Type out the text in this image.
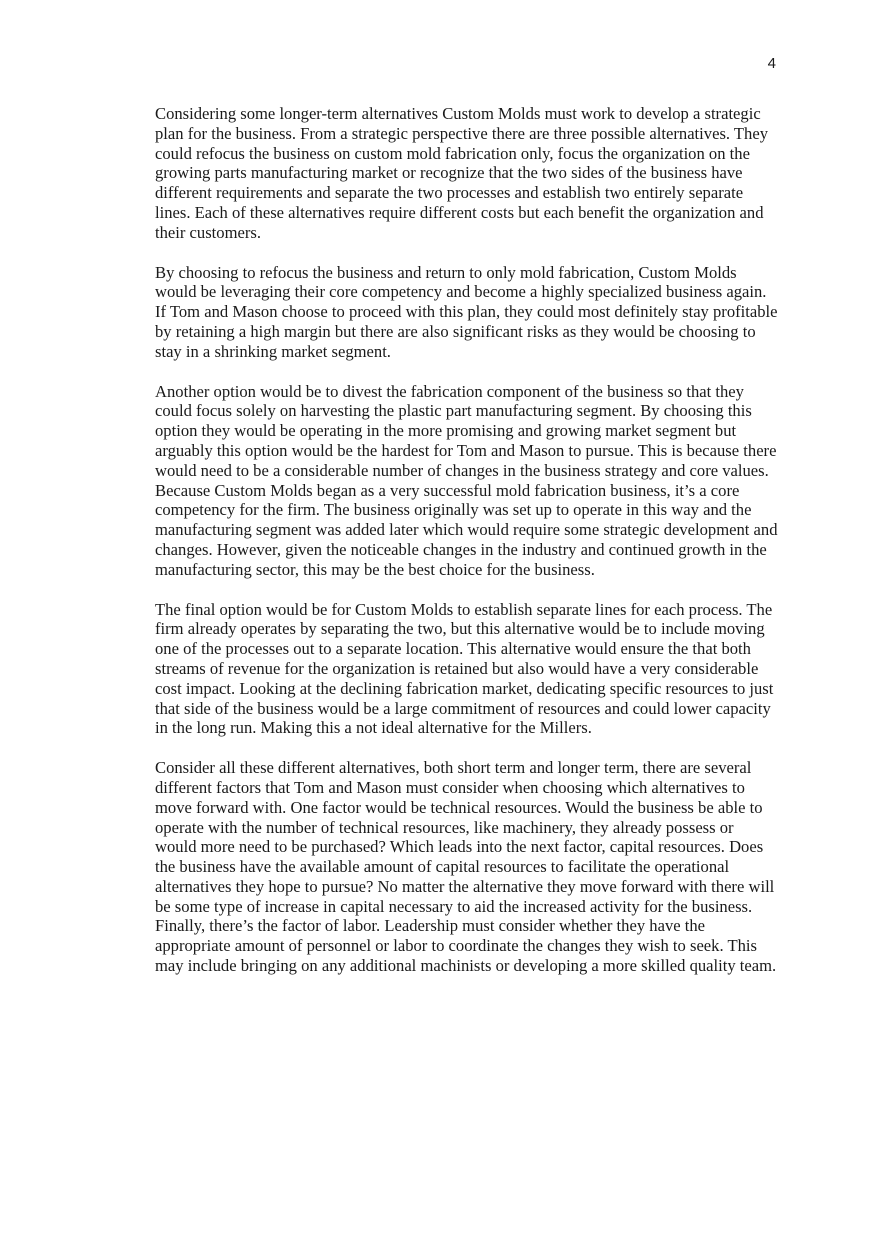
4

Considering some longer-term alternatives Custom Molds must work to develop a strategic plan for the business. From a strategic perspective there are three possible alternatives. They could refocus the business on custom mold fabrication only, focus the organization on the growing parts manufacturing market or recognize that the two sides of the business have different requirements and separate the two processes and establish two entirely separate lines. Each of these alternatives require different costs but each benefit the organization and their customers.

By choosing to refocus the business and return to only mold fabrication, Custom Molds would be leveraging their core competency and become a highly specialized business again. If Tom and Mason choose to proceed with this plan, they could most definitely stay profitable by retaining a high margin but there are also significant risks as they would be choosing to stay in a shrinking market segment.

Another option would be to divest the fabrication component of the business so that they could focus solely on harvesting the plastic part manufacturing segment. By choosing this option they would be operating in the more promising and growing market segment but arguably this option would be the hardest for Tom and Mason to pursue. This is because there would need to be a considerable number of changes in the business strategy and core values. Because Custom Molds began as a very successful mold fabrication business, it’s a core competency for the firm. The business originally was set up to operate in this way and the manufacturing segment was added later which would require some strategic development and changes. However, given the noticeable changes in the industry and continued growth in the manufacturing sector, this may be the best choice for the business.

The final option would be for Custom Molds to establish separate lines for each process. The firm already operates by separating the two, but this alternative would be to include moving one of the processes out to a separate location. This alternative would ensure the that both streams of revenue for the organization is retained but also would have a very considerable cost impact. Looking at the declining fabrication market, dedicating specific resources to just that side of the business would be a large commitment of resources and could lower capacity in the long run. Making this a not ideal alternative for the Millers.

Consider all these different alternatives, both short term and longer term, there are several different factors that Tom and Mason must consider when choosing which alternatives to move forward with. One factor would be technical resources. Would the business be able to operate with the number of technical resources, like machinery, they already possess or would more need to be purchased? Which leads into the next factor, capital resources. Does the business have the available amount of capital resources to facilitate the operational alternatives they hope to pursue? No matter the alternative they move forward with there will be some type of increase in capital necessary to aid the increased activity for the business. Finally, there’s the factor of labor. Leadership must consider whether they have the appropriate amount of personnel or labor to coordinate the changes they wish to seek. This may include bringing on any additional machinists or developing a more skilled quality team.
